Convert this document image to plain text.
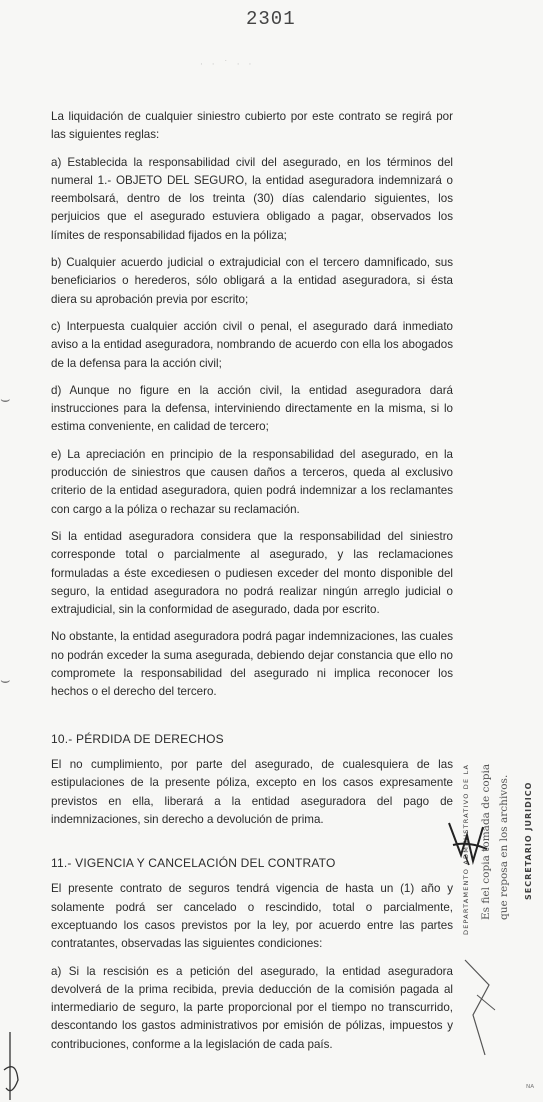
2301
· · ˙ · ·

La liquidación de cualquier siniestro cubierto por este contrato se regirá por las siguientes reglas:

a) Establecida la responsabilidad civil del asegurado, en los términos del numeral 1.- OBJETO DEL SEGURO, la entidad aseguradora indemnizará o reembolsará, dentro de los treinta (30) días calendario siguientes, los perjuicios que el asegurado estuviera obligado a pagar, observados los límites de responsabilidad fijados en la póliza;

b) Cualquier acuerdo judicial o extrajudicial con el tercero damnificado, sus beneficiarios o herederos, sólo obligará a la entidad aseguradora, si ésta diera su aprobación previa por escrito;

c) Interpuesta cualquier acción civil o penal, el asegurado dará inmediato aviso a la entidad aseguradora, nombrando de acuerdo con ella los abogados de la defensa para la acción civil;

d) Aunque no figure en la acción civil, la entidad aseguradora dará instrucciones para la defensa, interviniendo directamente en la misma, si lo estima conveniente, en calidad de tercero;

e) La apreciación en principio de la responsabilidad del asegurado, en la producción de siniestros que causen daños a terceros, queda al exclusivo criterio de la entidad aseguradora, quien podrá indemnizar a los reclamantes con cargo a la póliza o rechazar su reclamación.

Si la entidad aseguradora considera que la responsabilidad del siniestro corresponde total o parcialmente al asegurado, y las reclamaciones formuladas a éste excediesen o pudiesen exceder del monto disponible del seguro, la entidad aseguradora no podrá realizar ningún arreglo judicial o extrajudicial, sin la conformidad de asegurado, dada por escrito.

No obstante, la entidad aseguradora podrá pagar indemnizaciones, las cuales no podrán exceder la suma asegurada, debiendo dejar constancia que ello no compromete la responsabilidad del asegurado ni implica reconocer los hechos o el derecho del tercero.

10.- PÉRDIDA DE DERECHOS

El no cumplimiento, por parte del asegurado, de cualesquiera de las estipulaciones de la presente póliza, excepto en los casos expresamente previstos en ella, liberará a la entidad aseguradora del pago de indemnizaciones, sin derecho a devolución de prima.

11.- VIGENCIA Y CANCELACIÓN DEL CONTRATO

El presente contrato de seguros tendrá vigencia de hasta un (1) año y solamente podrá ser cancelado o rescindido, total o parcialmente, exceptuando los casos previstos por la ley, por acuerdo entre las partes contratantes, observadas las siguientes condiciones:

a) Si la rescisión es a petición del asegurado, la entidad aseguradora devolverá de la prima recibida, previa deducción de la comisión pagada al intermediario de seguro, la parte proporcional por el tiempo no transcurrido, descontando los gastos administrativos por emisión de pólizas, impuestos y contribuciones, conforme a la legislación de cada país.

DEPARTAMENTO ADMINISTRATIVO DE LA Es fiel copia tomada de copia que reposa en los archivos. SECRETARIO JURIDICO
⌣
⌣
ᴺᴬ
